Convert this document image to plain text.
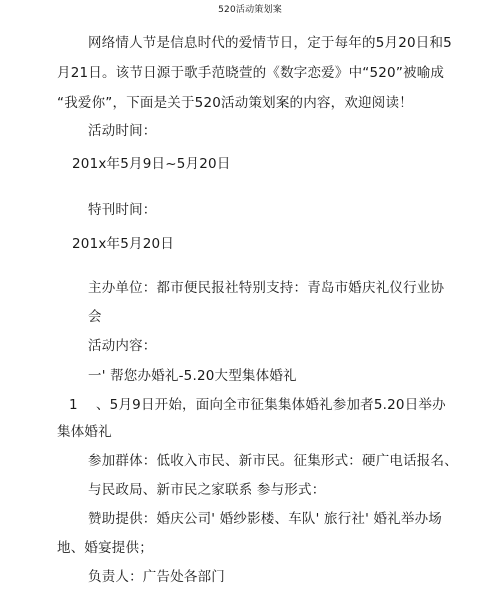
520活动策划案
网络情人节是信息时代的爱情节日，定于每年的5月20日和5
月21日。该节日源于歌手范晓萱的《数字恋爱》中“520”被喻成
“我爱你”，下面是关于520活动策划案的内容，欢迎阅读！
活动时间：
201x年5月9日~5月20日
特刊时间：
201x年5月20日
主办单位：都市便民报社特别支持：青岛市婚庆礼仪行业协
会
活动内容：
一' 帮您办婚礼-5.20大型集体婚礼
1　 、5月9日开始，面向全市征集集体婚礼参加者5.20日举办
集体婚礼
参加群体：低收入市民、新市民。征集形式：硬广电话报名、
与民政局、新市民之家联系 参与形式：
赞助提供：婚庆公司' 婚纱影楼、车队' 旅行社' 婚礼举办场
地、婚宴提供；
负责人：广告处各部门
